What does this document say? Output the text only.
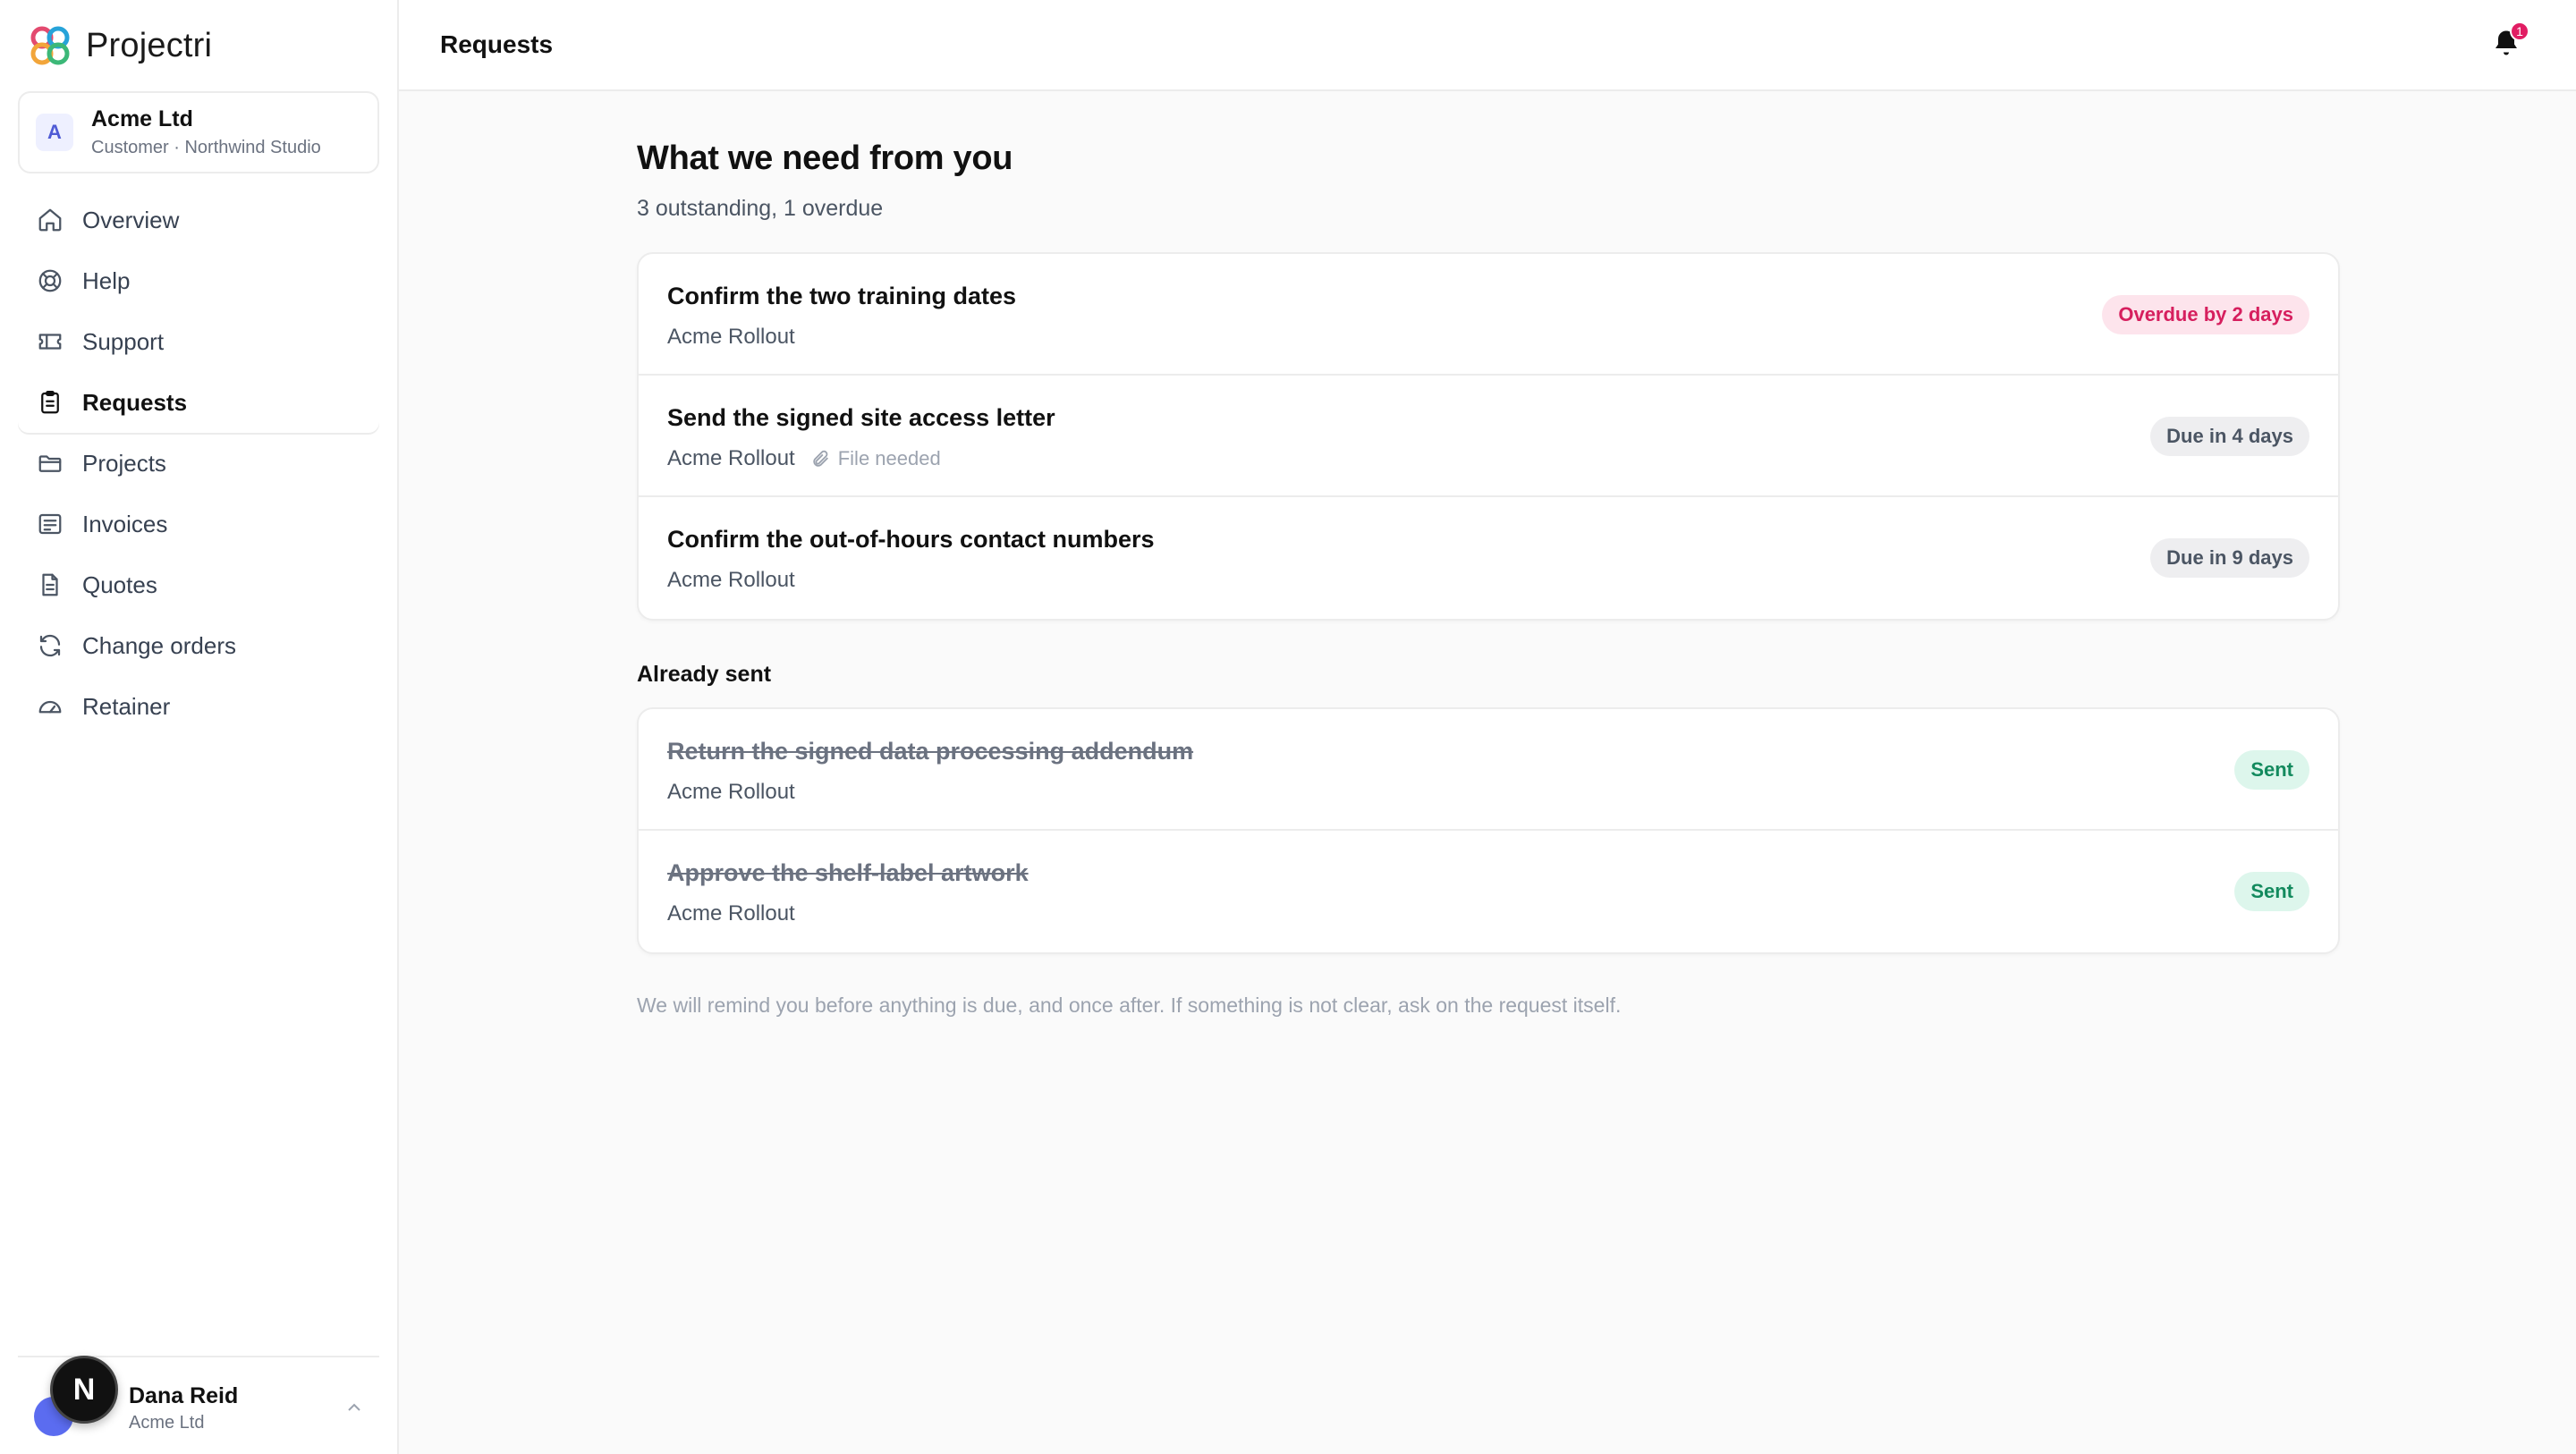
Projectri
A
Acme Ltd
Customer · Northwind Studio
Overview
Help
Support
Requests
Projects
Invoices
Quotes
Change orders
Retainer
N	Dana Reid
Acme Ltd
Requests	1
What we need from you

3 outstanding, 1 overdue

Confirm the two training dates
Acme Rollout
Overdue by 2 days
Send the signed site access letter
Acme Rollout File needed
Due in 4 days
Confirm the out-of-hours contact numbers
Acme Rollout
Due in 9 days
Already sent
Return the signed data processing addendum
Acme Rollout
Sent
Approve the shelf-label artwork
Acme Rollout
Sent

We will remind you before anything is due, and once after. If something is not clear, ask on the request itself.
